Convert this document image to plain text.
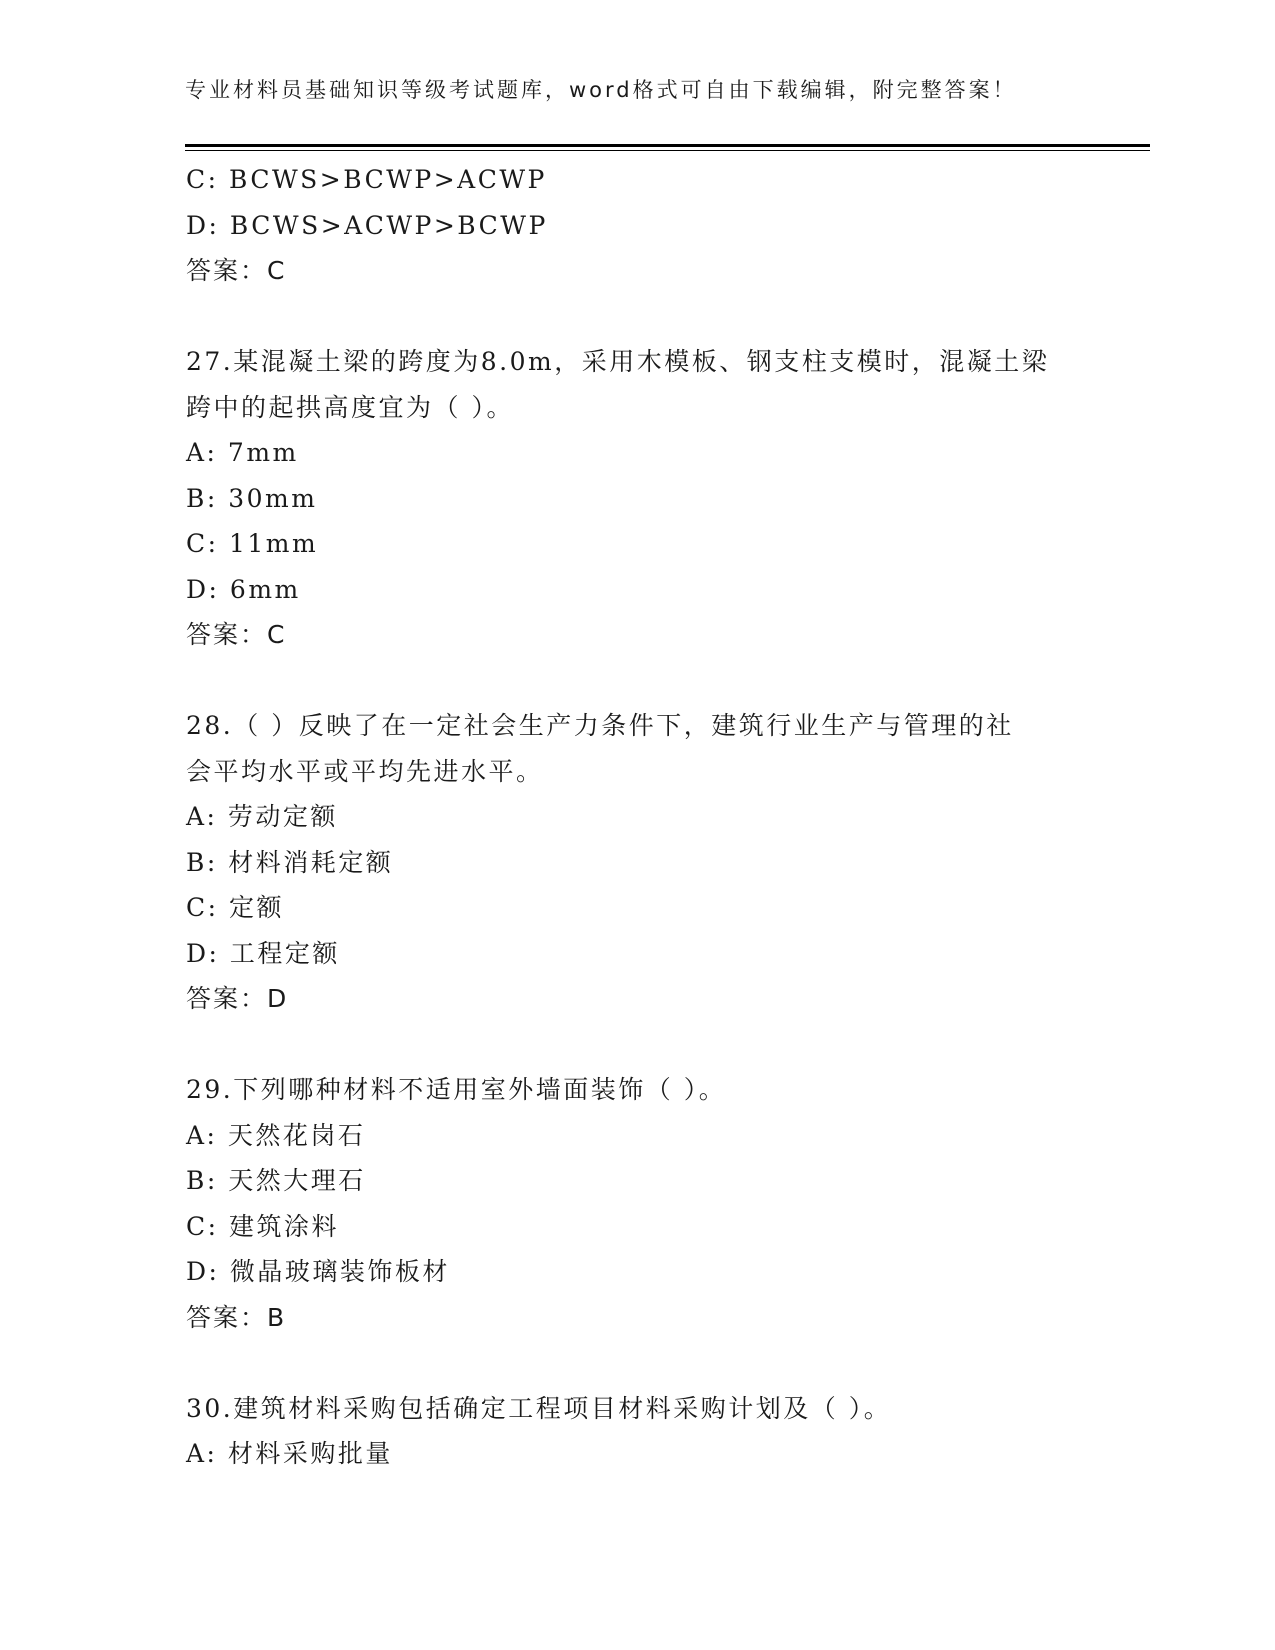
专业材料员基础知识等级考试题库，word格式可自由下载编辑，附完整答案！
C: BCWS>BCWP>ACWP
D: BCWS>ACWP>BCWP
答案：C
27.某混凝土梁的跨度为8.0m，采用木模板、钢支柱支模时，混凝土梁
跨中的起拱高度宜为（ ）。
A: 7mm
B: 30mm
C: 11mm
D: 6mm
答案：C
28.（ ）反映了在一定社会生产力条件下，建筑行业生产与管理的社
会平均水平或平均先进水平。
A: 劳动定额
B: 材料消耗定额
C: 定额
D: 工程定额
答案：D
29.下列哪种材料不适用室外墙面装饰（ ）。
A: 天然花岗石
B: 天然大理石
C: 建筑涂料
D: 微晶玻璃装饰板材
答案：B
30.建筑材料采购包括确定工程项目材料采购计划及（ ）。
A: 材料采购批量
